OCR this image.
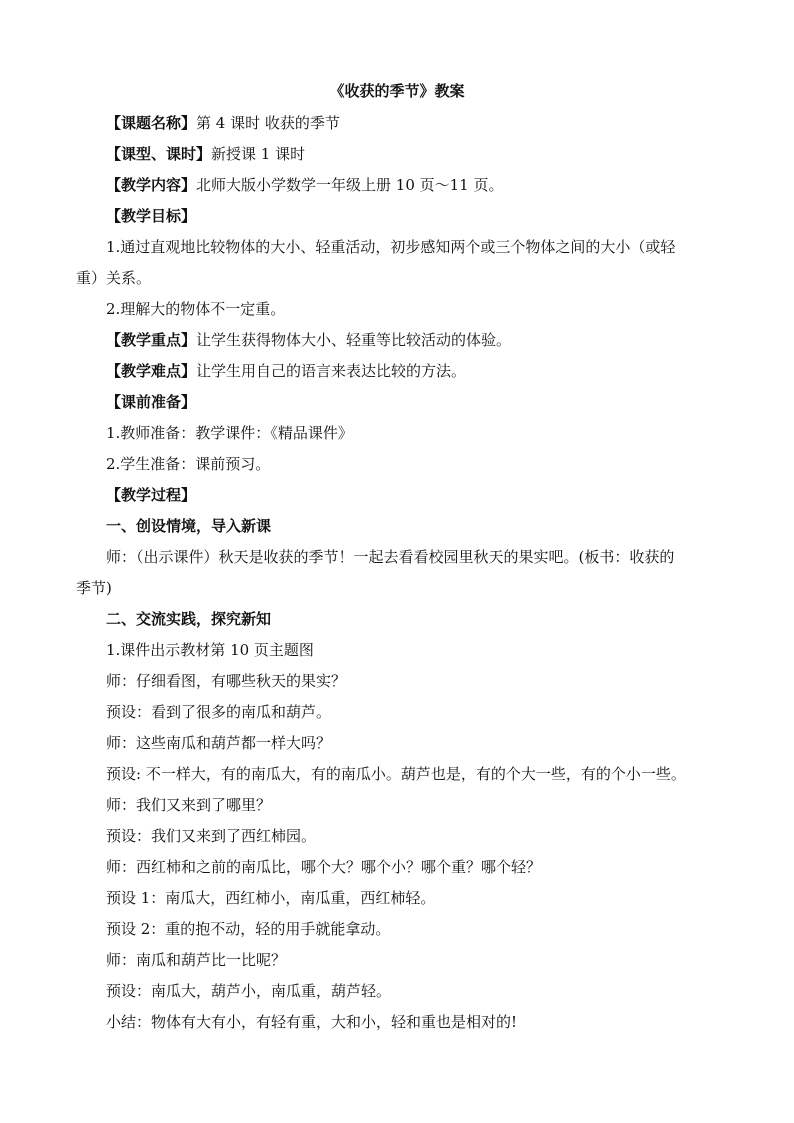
《收获的季节》教案
【课题名称】第 4 课时 收获的季节
【课型、课时】新授课 1 课时
【教学内容】北师大版小学数学一年级上册 10 页～11 页。
【教学目标】
1.通过直观地比较物体的大小、轻重活动，初步感知两个或三个物体之间的大小（或轻
重）关系。
2.理解大的物体不一定重。
【教学重点】让学生获得物体大小、轻重等比较活动的体验。
【教学难点】让学生用自己的语言来表达比较的方法。
【课前准备】
1.教师准备：教学课件：《精品课件》
2.学生准备：课前预习。
【教学过程】
一、创设情境，导入新课
师：（出示课件）秋天是收获的季节！一起去看看校园里秋天的果实吧。(板书：收获的
季节)
二、交流实践，探究新知
1.课件出示教材第 10 页主题图
师：仔细看图，有哪些秋天的果实？
预设：看到了很多的南瓜和葫芦。
师：这些南瓜和葫芦都一样大吗？
预设: 不一样大，有的南瓜大，有的南瓜小。葫芦也是，有的个大一些，有的个小一些。
师：我们又来到了哪里？
预设：我们又来到了西红柿园。
师：西红柿和之前的南瓜比，哪个大？哪个小？哪个重？哪个轻？
预设 1：南瓜大，西红柿小，南瓜重，西红柿轻。
预设 2：重的抱不动，轻的用手就能拿动。
师：南瓜和葫芦比一比呢？
预设：南瓜大，葫芦小，南瓜重，葫芦轻。
小结：物体有大有小，有轻有重，大和小，轻和重也是相对的!
